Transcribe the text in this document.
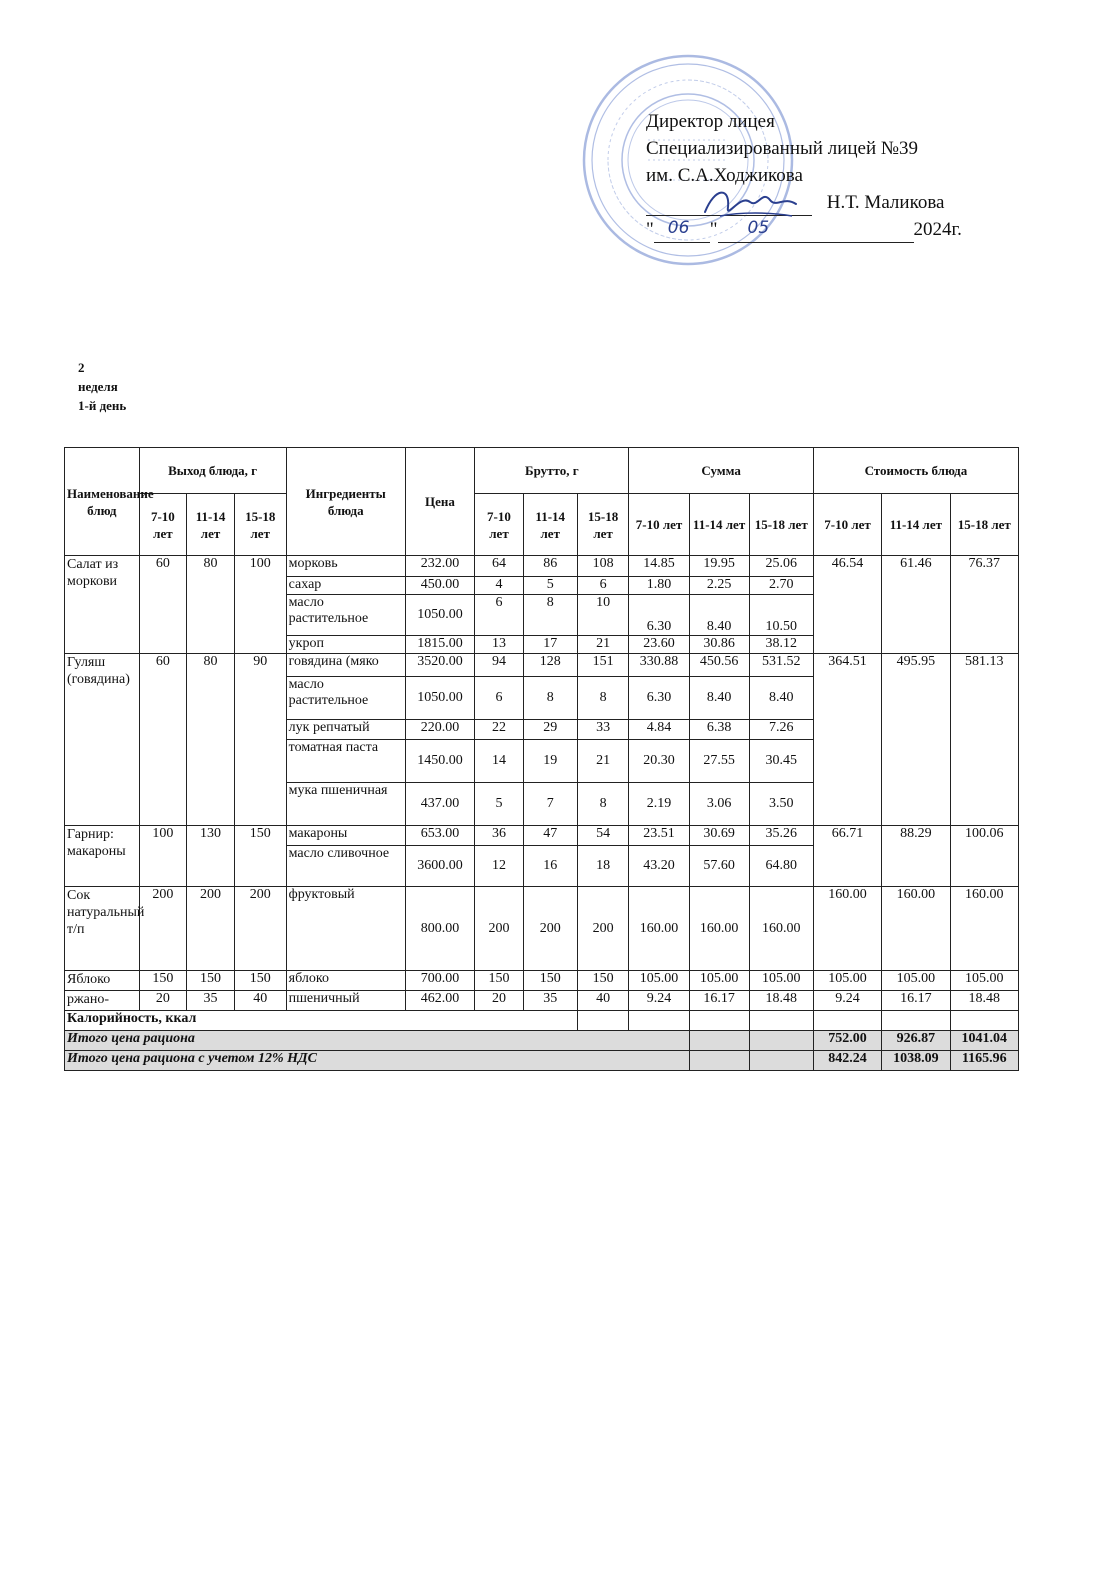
Директор лицея
Специализированный лицей №39
им. С.А.Ходжикова
Н.Т. Маликова
" 06 " 05	2024г.
2
неделя
1-й день
Наименование блюд	Выход блюда, г			Ингредиенты блюда	Цена	Брутто, г			Сумма			Стоимость блюда		
	7-10 лет	11-14 лет	15-18 лет			7-10 лет	11-14 лет	15-18 лет	7-10 лет	11-14 лет	15-18 лет	7-10 лет	11-14 лет	15-18 лет
Салат из моркови	60	80	100	морковь	232.00	64	86	108	14.85	19.95	25.06	46.54	61.46	76.37
				сахар	450.00	4	5	6	1.80	2.25	2.70			
				масло растительное	1050.00	6	8	10	6.30	8.40	10.50			
				укроп	1815.00	13	17	21	23.60	30.86	38.12			
Гуляш (говядина)	60	80	90	говядина (мяко	3520.00	94	128	151	330.88	450.56	531.52	364.51	495.95	581.13
				масло растительное	1050.00	6	8	8	6.30	8.40	8.40			
				лук репчатый	220.00	22	29	33	4.84	6.38	7.26			
				томатная паста	1450.00	14	19	21	20.30	27.55	30.45			
				мука пшеничная	437.00	5	7	8	2.19	3.06	3.50			
Гарнир: макароны	100	130	150	макароны	653.00	36	47	54	23.51	30.69	35.26	66.71	88.29	100.06
				масло сливочное	3600.00	12	16	18	43.20	57.60	64.80			
Сок натуральный т/п	200	200	200	фруктовый	800.00	200	200	200	160.00	160.00	160.00	160.00	160.00	160.00
Яблоко	150	150	150	яблоко	700.00	150	150	150	105.00	105.00	105.00	105.00	105.00	105.00
ржано-	20	35	40	пшеничный	462.00	20	35	40	9.24	16.17	18.48	9.24	16.17	18.48
Калорийность, ккал														
Итого цена рациона												752.00	926.87	1041.04
Итого цена рациона с учетом 12% НДС												842.24	1038.09	1165.96
